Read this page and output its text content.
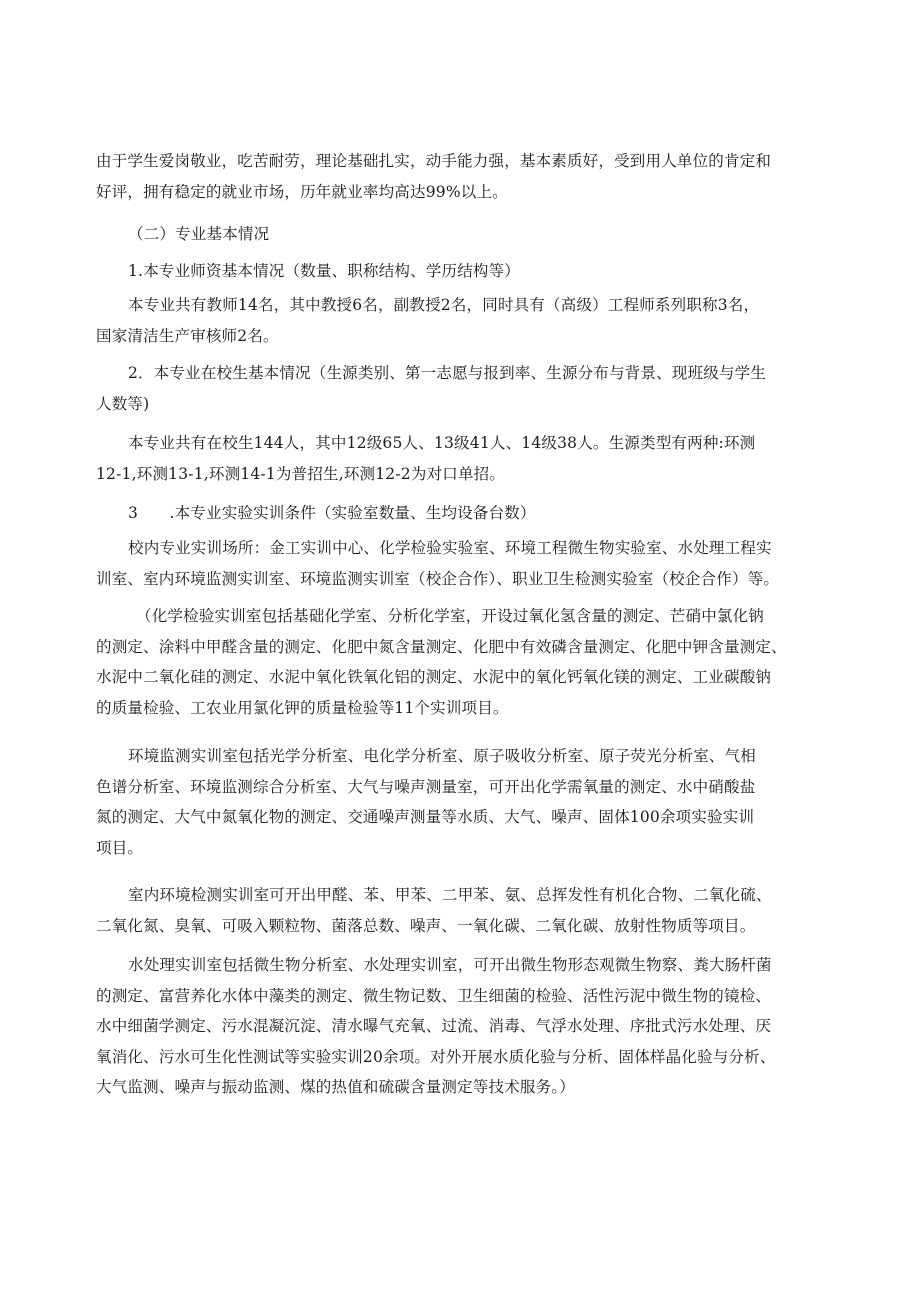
由于学生爱岗敬业，吃苦耐劳，理论基础扎实，动手能力强，基本素质好，受到用人单位的肯定和
好评，拥有稳定的就业市场，历年就业率均高达99%以上。
（二）专业基本情况
1.本专业师资基本情况（数量、职称结构、学历结构等）
本专业共有教师14名，其中教授6名，副教授2名，同时具有（高级）工程师系列职称3名，
国家清洁生产审核师2名。
2．本专业在校生基本情况（生源类别、第一志愿与报到率、生源分布与背景、现班级与学生
人数等)
本专业共有在校生144人，其中12级65人、13级41人、14级38人。生源类型有两种:环测
12-1,环测13-1,环测14-1为普招生,环测12-2为对口单招。
3　　.本专业实验实训条件（实验室数量、生均设备台数）
校内专业实训场所：金工实训中心、化学检验实验室、环境工程微生物实验室、水处理工程实
训室、室内环境监测实训室、环境监测实训室（校企合作）、职业卫生检测实验室（校企合作）等。
（化学检验实训室包括基础化学室、分析化学室，开设过氧化氢含量的测定、芒硝中氯化钠
的测定、涂料中甲醛含量的测定、化肥中氮含量测定、化肥中有效磷含量测定、化肥中钾含量测定、
水泥中二氧化硅的测定、水泥中氧化铁氧化铝的测定、水泥中的氧化钙氧化镁的测定、工业碳酸钠
的质量检验、工农业用氯化钾的质量检验等11个实训项目。
环境监测实训室包括光学分析室、电化学分析室、原子吸收分析室、原子荧光分析室、气相
色谱分析室、环境监测综合分析室、大气与噪声测量室，可开出化学需氧量的测定、水中硝酸盐
氮的测定、大气中氮氧化物的测定、交通噪声测量等水质、大气、噪声、固体100余项实验实训
项目。
室内环境检测实训室可开出甲醛、苯、甲苯、二甲苯、氨、总挥发性有机化合物、二氧化硫、
二氧化氮、臭氧、可吸入颗粒物、菌落总数、噪声、一氧化碳、二氧化碳、放射性物质等项目。
水处理实训室包括微生物分析室、水处理实训室，可开出微生物形态观微生物察、粪大肠杆菌
的测定、富营养化水体中藻类的测定、微生物记数、卫生细菌的检验、活性污泥中微生物的镜检、
水中细菌学测定、污水混凝沉淀、清水曝气充氧、过流、消毒、气浮水处理、序批式污水处理、厌
氧消化、污水可生化性测试等实验实训20余项。对外开展水质化验与分析、固体样晶化验与分析、
大气监测、噪声与振动监测、煤的热值和硫碳含量测定等技术服务。）
